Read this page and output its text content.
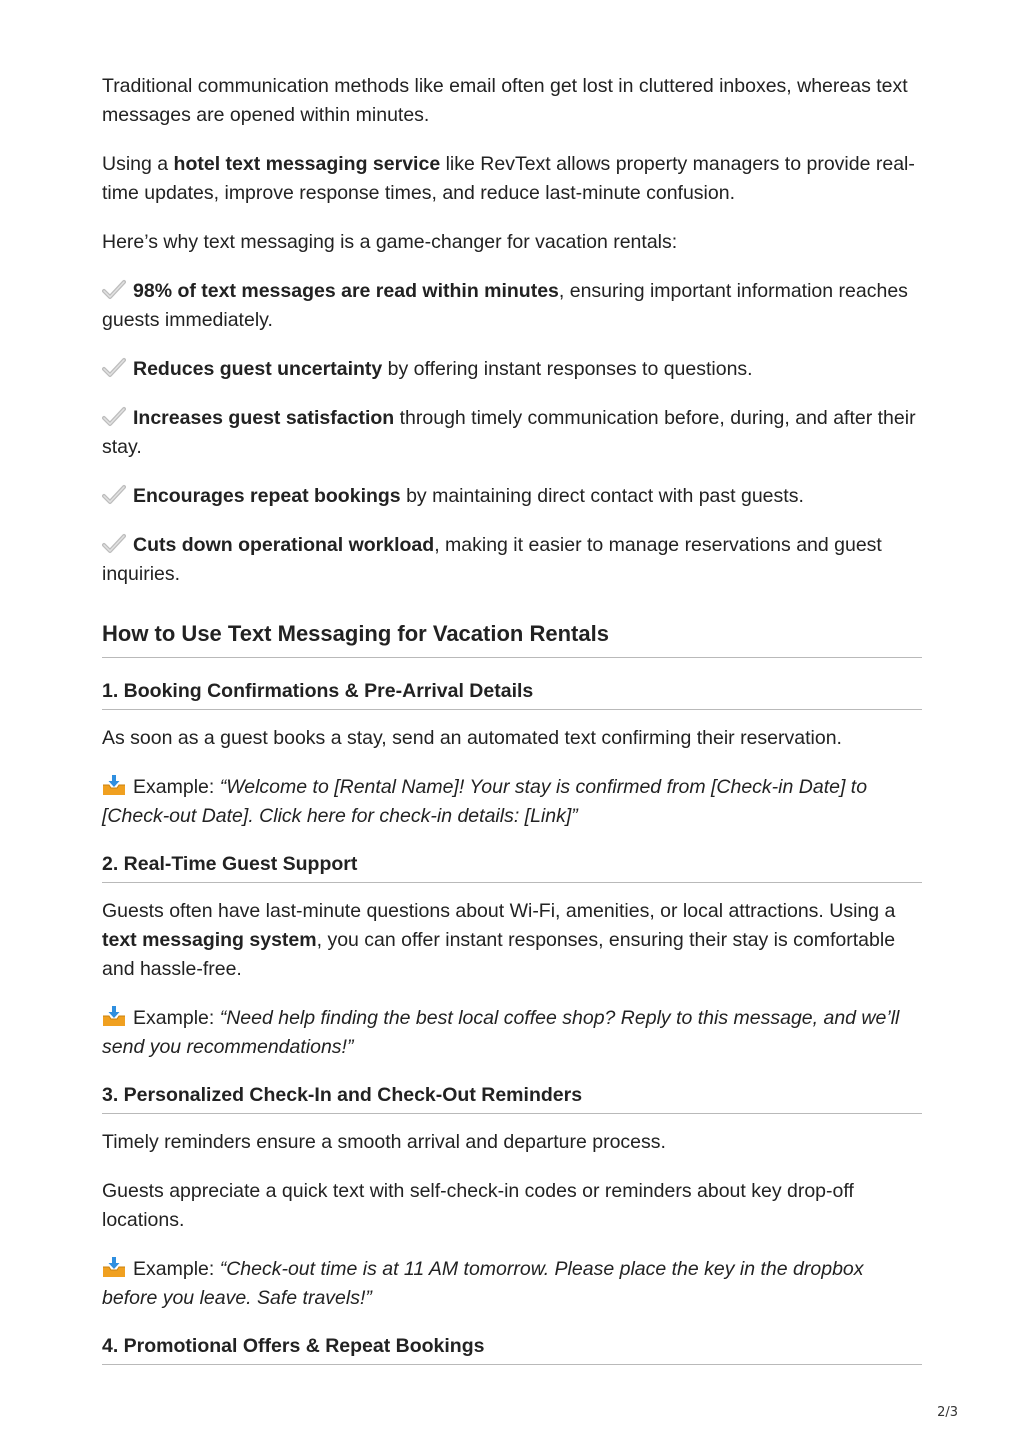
Traditional communication methods like email often get lost in cluttered inboxes, whereas text messages are opened within minutes.

Using a hotel text messaging service like RevText allows property managers to provide real-time updates, improve response times, and reduce last-minute confusion.

Here’s why text messaging is a game-changer for vacation rentals:

98% of text messages are read within minutes, ensuring important information reaches guests immediately.

Reduces guest uncertainty by offering instant responses to questions.

Increases guest satisfaction through timely communication before, during, and after their stay.

Encourages repeat bookings by maintaining direct contact with past guests.

Cuts down operational workload, making it easier to manage reservations and guest inquiries.

How to Use Text Messaging for Vacation Rentals
1. Booking Confirmations & Pre-Arrival Details

As soon as a guest books a stay, send an automated text confirming their reservation.

Example: “Welcome to [Rental Name]! Your stay is confirmed from [Check-in Date] to [Check-out Date]. Click here for check-in details: [Link]”

2. Real-Time Guest Support

Guests often have last-minute questions about Wi-Fi, amenities, or local attractions. Using a text messaging system, you can offer instant responses, ensuring their stay is comfortable and hassle-free.

Example: “Need help finding the best local coffee shop? Reply to this message, and we’ll send you recommendations!”

3. Personalized Check-In and Check-Out Reminders

Timely reminders ensure a smooth arrival and departure process.

Guests appreciate a quick text with self-check-in codes or reminders about key drop-off locations.

Example: “Check-out time is at 11 AM tomorrow. Please place the key in the dropbox before you leave. Safe travels!”

4. Promotional Offers & Repeat Bookings
2/3
